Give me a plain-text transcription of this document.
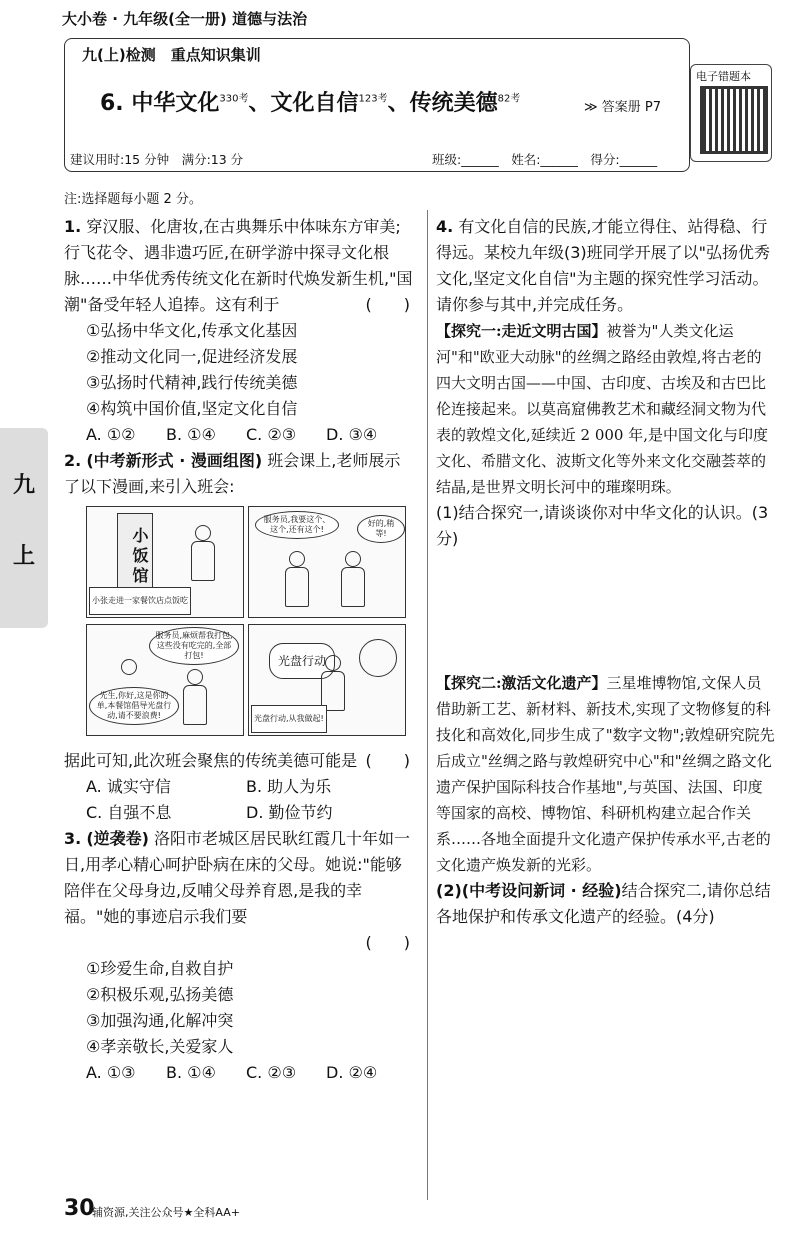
大小卷 · 九年级(全一册) 道德与法治
九(上)检测　重点知识集训
6. 中华文化$^{330考}$、文化自信$^{123考}$、传统美德$^{82考}$
≫ 答案册 P7
电子错题本
建议用时:15 分钟　满分:13 分	班级:______　姓名:______　得分:______
注:选择题每小题 2 分。
九
上

1. 穿汉服、化唐妆,在古典舞乐中体味东方审美;行飞花令、遇非遗巧匠,在研学游中探寻文化根脉……中华优秀传统文化在新时代焕发新生机,"国潮"备受年轻人追捧。这有利于	(　　)

①弘扬中华文化,传承文化基因

②推动文化同一,促进经济发展

③弘扬时代精神,践行传统美德

④构筑中国价值,坚定文化自信

A. ①② B. ①④ C. ②③ D. ③④

2. (中考新形式 · 漫画组图) 班会课上,老师展示了以下漫画,来引入班会:

小饭馆
小张走进一家餐饮店点饭吃
服务员,我要这个、这个,还有这个!
好的,稍等!

服务员,麻烦帮我打包,这些没有吃完的,全部打包!
先生,你好,这是你的单,本餐馆倡导光盘行动,请不要浪费!
光盘行动
光盘行动,从我做起!

据此可知,此次班会聚焦的传统美德可能是 (　　)

A. 诚实守信	B. 助人为乐

C. 自强不息	D. 勤俭节约

3. (逆袭卷) 洛阳市老城区居民耿红霞几十年如一日,用孝心精心呵护卧病在床的父母。她说:"能够陪伴在父母身边,反哺父母养育恩,是我的幸福。"她的事迹启示我们要

(　　)

①珍爱生命,自救自护

②积极乐观,弘扬美德

③加强沟通,化解冲突

④孝亲敬长,关爱家人

A. ①③ B. ①④ C. ②③ D. ②④

4. 有文化自信的民族,才能立得住、站得稳、行得远。某校九年级(3)班同学开展了以"弘扬优秀文化,坚定文化自信"为主题的探究性学习活动。请你参与其中,并完成任务。

【探究一:走近文明古国】被誉为"人类文化运河"和"欧亚大动脉"的丝绸之路经由敦煌,将古老的四大文明古国——中国、古印度、古埃及和古巴比伦连接起来。以莫高窟佛教艺术和藏经洞文物为代表的敦煌文化,延续近 2 000 年,是中国文化与印度文化、希腊文化、波斯文化等外来文化交融荟萃的结晶,是世界文明长河中的璀璨明珠。

(1)结合探究一,请谈谈你对中华文化的认识。(3分)

【探究二:激活文化遗产】三星堆博物馆,文保人员借助新工艺、新材料、新技术,实现了文物修复的科技化和高效化,同步生成了"数字文物";敦煌研究院先后成立"丝绸之路与敦煌研究中心"和"丝绸之路文化遗产保护国际科技合作基地",与英国、法国、印度等国家的高校、博物馆、科研机构建立起合作关系……各地全面提升文化遗产保护传承水平,古老的文化遗产焕发新的光彩。

(2)(中考设问新词 · 经验)结合探究二,请你总结各地保护和传承文化遗产的经验。(4分)

30
辅资源,关注公众号★全科AA+
